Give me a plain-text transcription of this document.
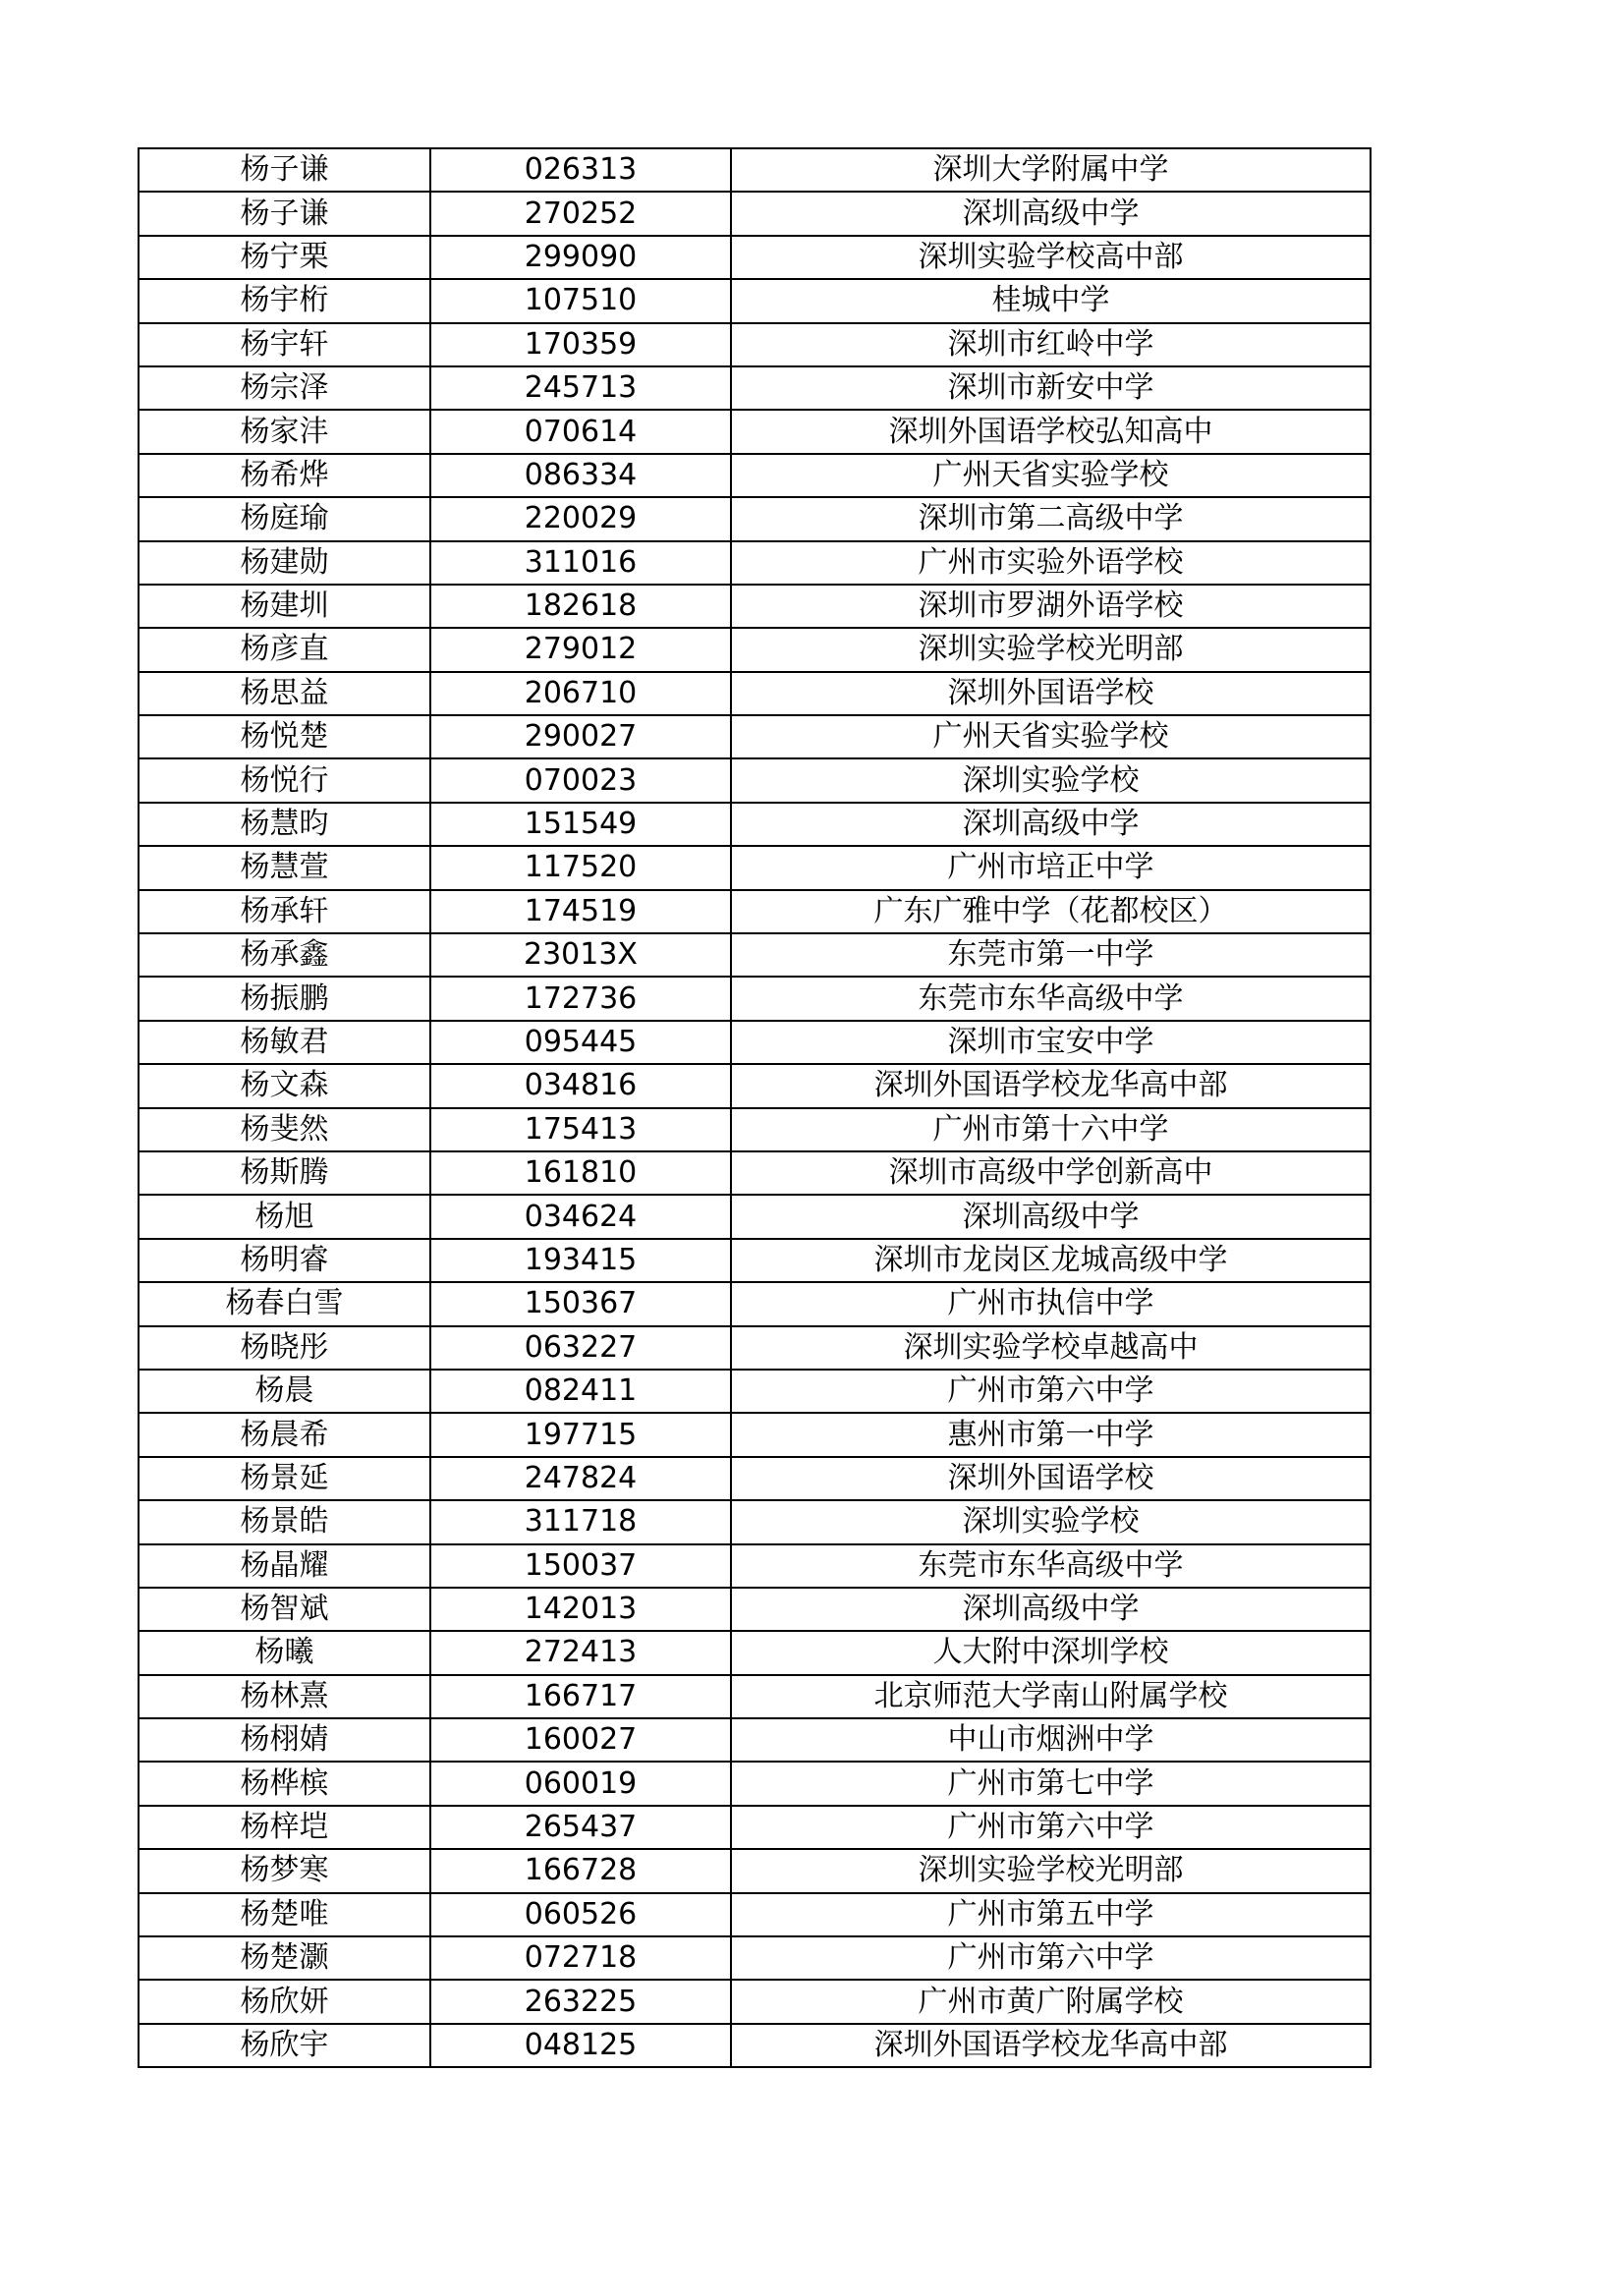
杨子谦	026313	深圳大学附属中学
杨子谦	270252	深圳高级中学
杨宁栗	299090	深圳实验学校高中部
杨宇桁	107510	桂城中学
杨宇轩	170359	深圳市红岭中学
杨宗泽	245713	深圳市新安中学
杨家沣	070614	深圳外国语学校弘知高中
杨希烨	086334	广州天省实验学校
杨庭瑜	220029	深圳市第二高级中学
杨建勋	311016	广州市实验外语学校
杨建圳	182618	深圳市罗湖外语学校
杨彦直	279012	深圳实验学校光明部
杨思益	206710	深圳外国语学校
杨悦楚	290027	广州天省实验学校
杨悦行	070023	深圳实验学校
杨慧昀	151549	深圳高级中学
杨慧萱	117520	广州市培正中学
杨承轩	174519	广东广雅中学（花都校区）
杨承鑫	23013X	东莞市第一中学
杨振鹏	172736	东莞市东华高级中学
杨敏君	095445	深圳市宝安中学
杨文森	034816	深圳外国语学校龙华高中部
杨斐然	175413	广州市第十六中学
杨斯腾	161810	深圳市高级中学创新高中
杨旭	034624	深圳高级中学
杨明睿	193415	深圳市龙岗区龙城高级中学
杨春白雪	150367	广州市执信中学
杨晓彤	063227	深圳实验学校卓越高中
杨晨	082411	广州市第六中学
杨晨希	197715	惠州市第一中学
杨景延	247824	深圳外国语学校
杨景皓	311718	深圳实验学校
杨晶耀	150037	东莞市东华高级中学
杨智斌	142013	深圳高级中学
杨曦	272413	人大附中深圳学校
杨林熹	166717	北京师范大学南山附属学校
杨栩婧	160027	中山市烟洲中学
杨桦槟	060019	广州市第七中学
杨梓垲	265437	广州市第六中学
杨梦寒	166728	深圳实验学校光明部
杨楚唯	060526	广州市第五中学
杨楚灏	072718	广州市第六中学
杨欣妍	263225	广州市黄广附属学校
杨欣宇	048125	深圳外国语学校龙华高中部
